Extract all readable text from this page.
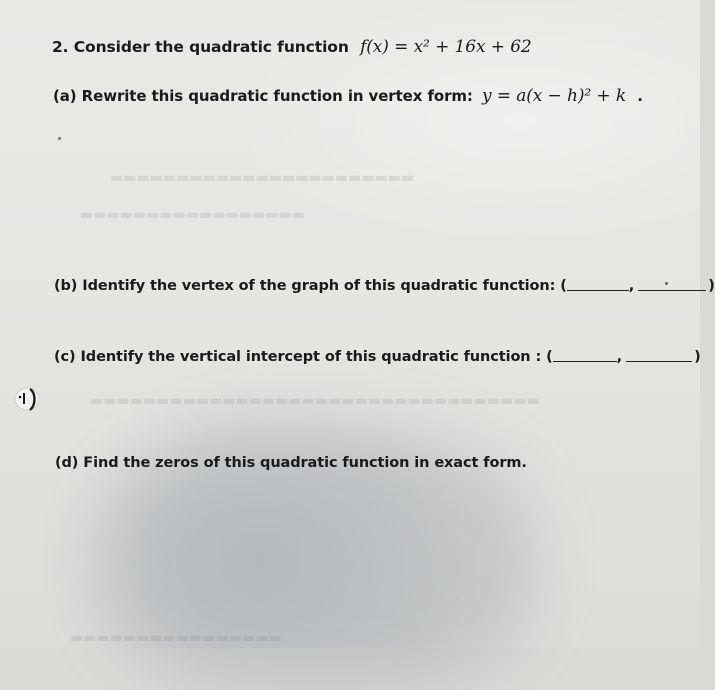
▬▬▬▬▬▬▬▬▬▬▬▬▬▬▬▬▬▬▬▬▬▬▬
▬▬▬▬▬▬▬▬▬▬▬▬▬▬▬▬▬
▬▬▬▬▬▬▬▬▬▬▬▬▬▬▬▬▬▬▬▬▬▬▬▬▬▬▬▬▬▬▬▬▬▬
▬▬▬▬▬▬▬▬▬▬▬▬▬▬▬▬
2. Consider the quadratic function f(x) = x² + 16x + 62
(a) Rewrite this quadratic function in vertex form: y = a(x − h)² + k .
(b) Identify the vertex of the graph of this quadratic function: (	,	)
(c) Identify the vertical intercept of this quadratic function : (	,	)
(d) Find the zeros of this quadratic function in exact form.
